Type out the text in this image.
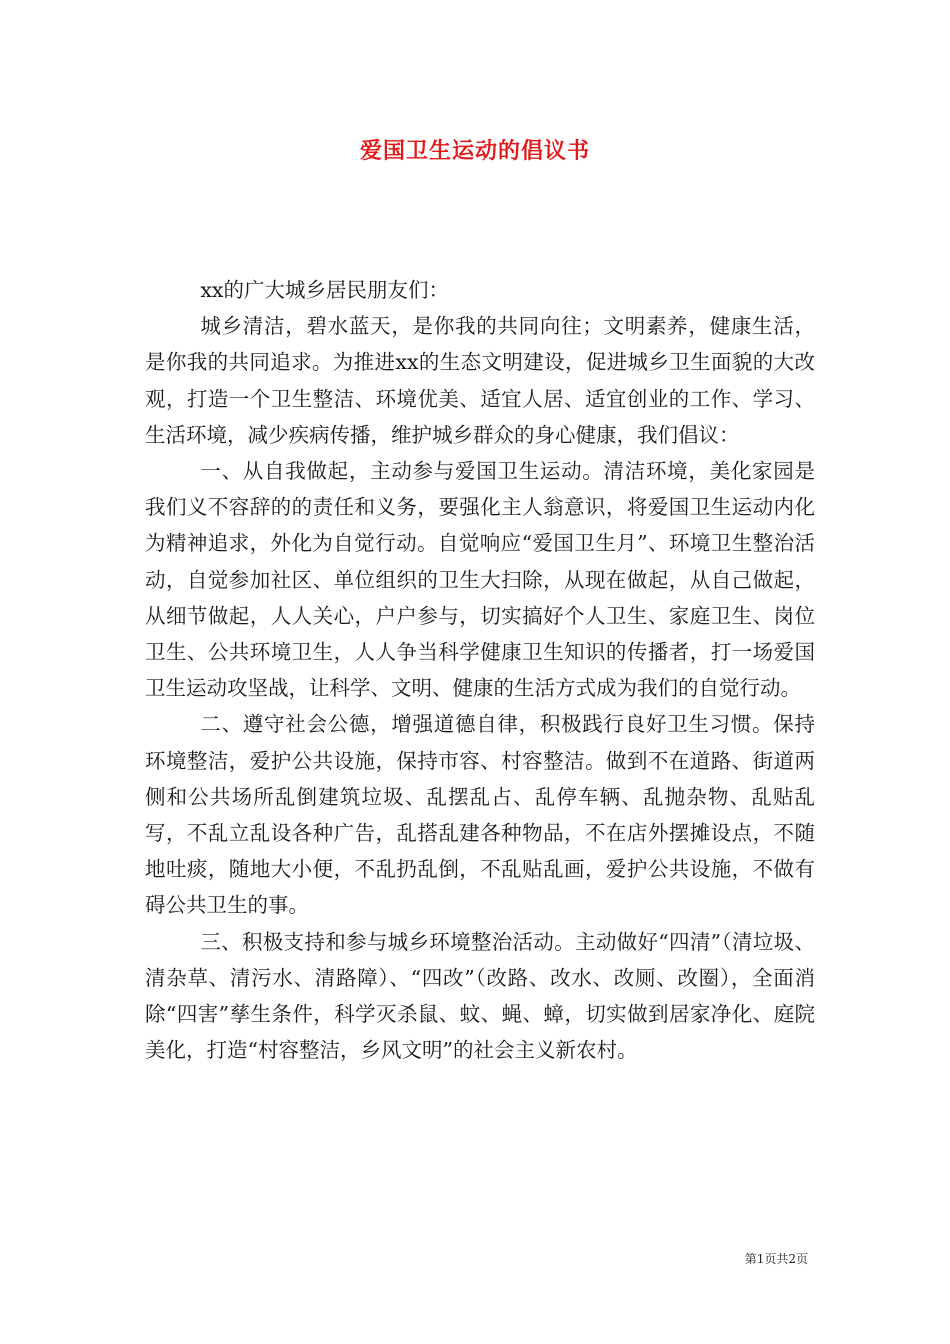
爱国卫生运动的倡议书

xx的广大城乡居民朋友们：

城乡清洁，碧水蓝天，是你我的共同向往；文明素养，健康生活，是你我的共同追求。为推进xx的生态文明建设，促进城乡卫生面貌的大改观，打造一个卫生整洁、环境优美、适宜人居、适宜创业的工作、学习、生活环境，减少疾病传播，维护城乡群众的身心健康，我们倡议：

一、从自我做起，主动参与爱国卫生运动。清洁环境，美化家园是我们义不容辞的的责任和义务，要强化主人翁意识，将爱国卫生运动内化为精神追求，外化为自觉行动。自觉响应“爱国卫生月”、环境卫生整治活动，自觉参加社区、单位组织的卫生大扫除，从现在做起，从自己做起，从细节做起，人人关心，户户参与，切实搞好个人卫生、家庭卫生、岗位卫生、公共环境卫生，人人争当科学健康卫生知识的传播者，打一场爱国卫生运动攻坚战，让科学、文明、健康的生活方式成为我们的自觉行动。

二、遵守社会公德，增强道德自律，积极践行良好卫生习惯。保持环境整洁，爱护公共设施，保持市容、村容整洁。做到不在道路、街道两侧和公共场所乱倒建筑垃圾、乱摆乱占、乱停车辆、乱抛杂物、乱贴乱写，不乱立乱设各种广告，乱搭乱建各种物品，不在店外摆摊设点，不随地吐痰，随地大小便，不乱扔乱倒，不乱贴乱画，爱护公共设施，不做有碍公共卫生的事。

三、积极支持和参与城乡环境整治活动。主动做好“四清”（清垃圾、清杂草、清污水、清路障）、“四改”（改路、改水、改厕、改圈），全面消除“四害”孳生条件，科学灭杀鼠、蚊、蝇、蟑，切实做到居家净化、庭院美化，打造“村容整洁，乡风文明”的社会主义新农村。

第1页共2页
